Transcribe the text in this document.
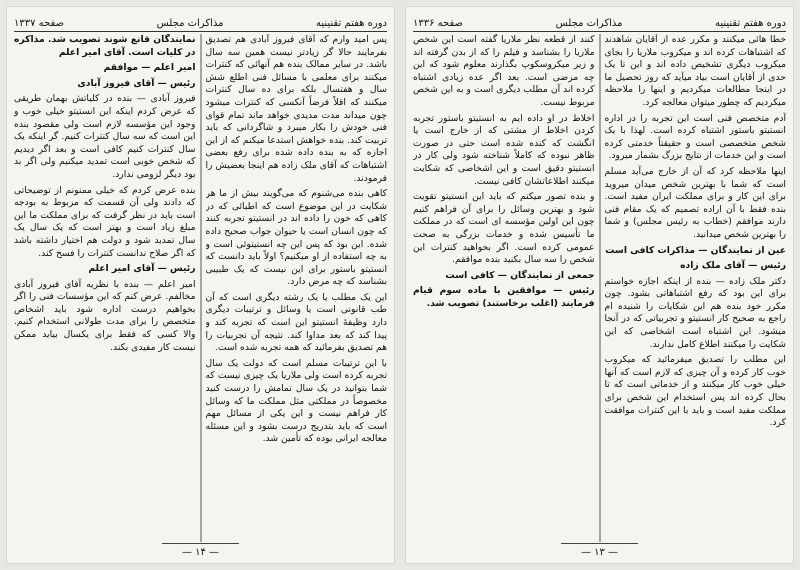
صفحه ۱۳۳۷	مذاکرات مجلس	دوره هفتم تقنینیه

پس امید وارم که آقای فیروز آبادی هم تصدیق بفرمایند حالا گر زیادتر نیست همین سه سال باشد. در سایر ممالک بنده هم آنهائی که کنترات میکنند برای معلمی با مسائل فنی اطلع شش سال و هفتسال بلکه برای ده سال کنترات میکنند که اقلاً فرضاً آنکسی که کنترات میشود چون میداند مدت مدیدی خواهد ماند تمام قوای فنی خودش را بکار میبرد و شاگردانی که باید تربیت کند. بنده خواهش استدعا میکنم که از این اجازه که به بنده داده شده برای رفع بعضی اشتباهات که آقای ملک زاده هم اینجا بعضیش را فرمودند.

کاهی بنده می‌شنوم که می‌گویند بیش از ما هر شکایت در این موضوع است که اطبائی که در کاهی که خون را داده اند در انستیتو تجربه کنند که چون انسان است یا حیوان جواب صحیح داده شده. این بود که پس این چه انستیتوئی است و به چه استفاده از او میکنیم؟ اولاً باید دانست که انستیتو باستور برای این نیست که یک طبیبی بشناسد که چه مرض دارد.

این یک مطلب یا یک رشته دیگری است که آن طب قانونی است یا وسائل و ترتیبات دیگری دارد وظیفهٔ انستیتو این است که تجربه کند و پیدا کند که بعد مداوا کند. نتیجه آن تجربیات را هم تصدیق بفرمائید که همه تجربه شده است.

با این ترتیبات مسلم است که دولت یک سال تجربه کرده است ولی ملاریا یک چیزی نیست که شما بتوانید در یک سال تمامش را درست کنید مخصوصاً در مملکتی مثل مملکت ما که وسائل کار فراهم نیست و این یکی از مسائل مهم است که باید بتدریج درست بشود و این مسئله معالجه ایرانی بوده که تأمین شد.

نمایندگان قانع شوند تصویب شد. مذاکره در کلیات است. آقای امیر اعلم

امیر اعلم — موافقم

رئیس — آقای فیروز آبادی

فیروز آبادی — بنده در کلیاتش بهمان طریقی که عرض کردم اینکه این انستیتو خیلی خوب و وجود این مؤسسه لازم است ولی مقصود بنده این است که سه سال کنترات کنیم. گر اینکه یک سال کنترات کنیم کافی است و بعد اگر دیدیم که شخص خوبی است تمدید میکنیم ولی اگر بد بود دیگر لزومی ندارد.

بنده عرض کردم که خیلی ممنونم از توضیحاتی که دادند ولی آن قسمت که مربوط به بودجه است باید در نظر گرفت که برای مملکت ما این مبلغ زیاد است و بهتر است که یک سال یک سال تمدید شود و دولت هم اختیار داشته باشد که اگر صلاح ندانست کنترات را فسخ کند.

رئیس — آقای امیر اعلم

امیر اعلم — بنده با نظریه آقای فیروز آبادی مخالفم. عرض کنم که این مؤسسات فنی را اگر بخواهیم درست اداره شود باید اشخاص متخصص را برای مدت طولانی استخدام کنیم. والا کسی که فقط برای یکسال بیاید ممکن نیست کار مفیدی بکند.

— ۱۴ —
صفحه ۱۳۳۶	مذاکرات مجلس	دوره هفتم تقنینیه

خطا هائی میکنند و مکرر عده از آقایان شاهدند که اشتباهات کرده اند و میکروب ملاریا را بجای میکروب دیگری تشخیص داده اند و این تا یک حدی از آقایان است بیاد میآید که روز تحصیل ما در اینجا مطالعات میکردیم و اینها را ملاحظه میکردیم که چطور میتوان معالجه کرد.

آدم متخصص فنی است این تجربه را در اداره انستیتو باستور اشتباه کرده است. لهذا با یک شخص متخصصی است و حقیقتاً خدمتی کرده است و این خدمات از نتایج بزرگ بشمار میرود.

اینها ملاحظه کرد که آن از خارج می‌آید مسلم است که شما با بهترین شخص میدان میروید برای این کار و برای مملکت ایران مفید است. بنده فقط با آن اراده تصمیم که یک مقام فنی دارند موافقم (خطاب به رئیس مجلس) و شما را بهترین شخص میدانید.

عین از نمایندگان — مذاکرات کافی است

رئیس — آقای ملک زاده

دکتر ملک زاده — بنده از اینکه اجازه خواستم برای این بود که رفع اشتباهاتی بشود. چون مکرر خود بنده هم این شکایات را شنیده ام راجع به صحیح کار انستیتو و تجربیاتی که در آنجا میشود. این اشتباه است اشخاصی که این شکایت را میکنند اطلاع کامل ندارند.

این مطلب را تصدیق میفرمائید که میکروب خوب کار کرده و آن چیزی که لازم است که آنها خیلی خوب کار میکنند و از خدماتی است که تا بحال کرده اند پس استخدام این شخص برای مملکت مفید است و باید با این کنترات موافقت کرد.

کنند از قطعه نظر ملاریا گفته است این شخص ملاریا را بشناسد و فیلم را که از بدن گرفته اند و زیر میکروسکوپ بگذارند معلوم شود که این چه مرضی است. بعد اگر عده زیادی اشتباه کرده اند آن مطلب دیگری است و به این شخص مربوط نیست.

اخلاط در او داده ایم به انستیتو باستور تجربه کردن اخلاط از مشتی که از خارج است یا انگشت که کنده شده است حتی در صورت ظاهر نبوده که کاملاً شناخته شود ولی کار در انستیتو دقیق است و این اشخاصی که شکایت میکنند اطلاعاتشان کافی نیست.

و بنده تصور میکنم که باید این انستیتو تقویت شود و بهترین وسائل را برای آن فراهم کنیم چون این اولین مؤسسه ای است که در مملکت ما تأسیس شده و خدمات بزرگی به صحت عمومی کرده است. اگر بخواهید کنترات این شخص را سه سال بکنید بنده موافقم.

جمعی از نمایندگان — کافی است

رئیس — موافقین با ماده سوم قیام فرمایند (اغلب برخاستند) تصویب شد.

— ۱۳ —
